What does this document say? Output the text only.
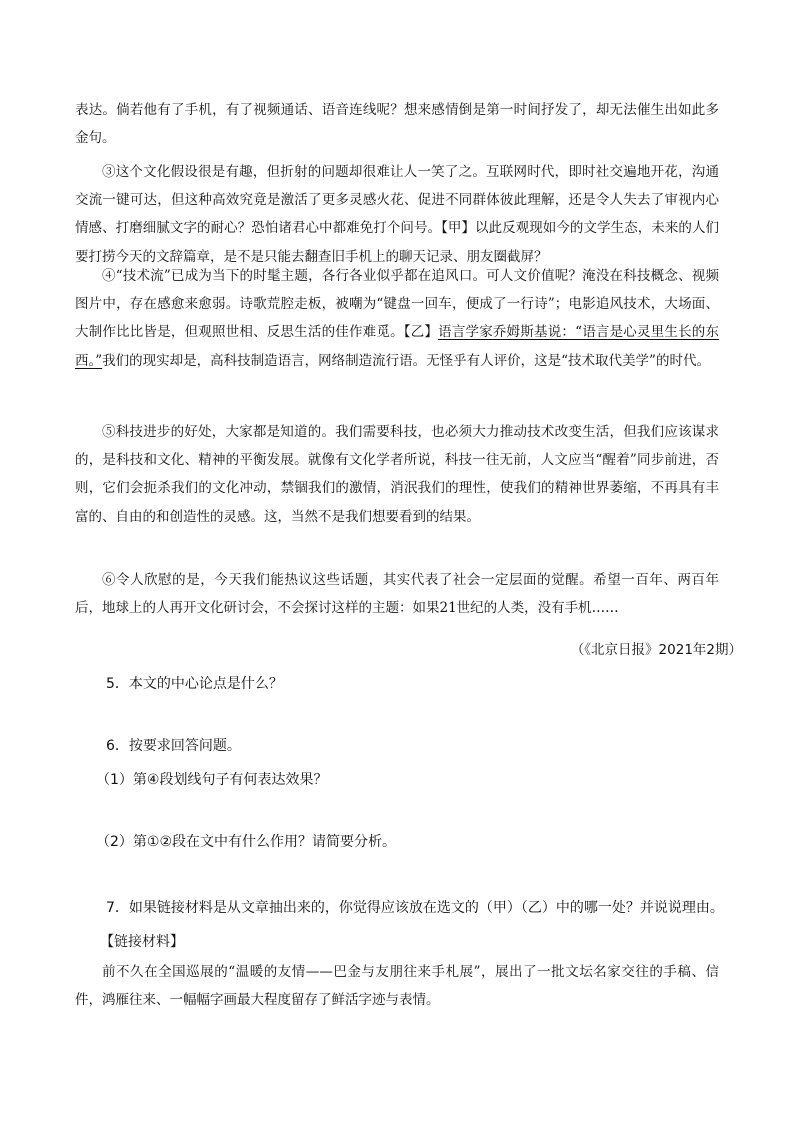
表达。倘若他有了手机，有了视频通话、语音连线呢？想来感情倒是第一时间抒发了，却无法催生出如此多金句。

③这个文化假设很是有趣，但折射的问题却很难让人一笑了之。互联网时代，即时社交遍地开花，沟通交流一键可达，但这种高效究竟是激活了更多灵感火花、促进不同群体彼此理解，还是令人失去了审视内心情感、打磨细腻文字的耐心？恐怕诸君心中都难免打个问号。【甲】以此反观现如今的文学生态，未来的人们要打捞今天的文辞篇章，是不是只能去翻查旧手机上的聊天记录、朋友圈截屏？

④“技术流”已成为当下的时髦主题，各行各业似乎都在追风口。可人文价值呢？淹没在科技概念、视频图片中，存在感愈来愈弱。诗歌荒腔走板，被嘲为“键盘一回车，便成了一行诗”；电影追风技术，大场面、大制作比比皆是，但观照世相、反思生活的佳作难觅。【乙】语言学家乔姆斯基说：“语言是心灵里生长的东西。”我们的现实却是，高科技制造语言，网络制造流行语。无怪乎有人评价，这是“技术取代美学”的时代。

⑤科技进步的好处，大家都是知道的。我们需要科技，也必须大力推动技术改变生活，但我们应该谋求的，是科技和文化、精神的平衡发展。就像有文化学者所说，科技一往无前，人文应当“醒着”同步前进，否则，它们会扼杀我们的文化冲动，禁锢我们的激情，消泯我们的理性，使我们的精神世界萎缩，不再具有丰富的、自由的和创造性的灵感。这，当然不是我们想要看到的结果。

⑥令人欣慰的是，今天我们能热议这些话题，其实代表了社会一定层面的觉醒。希望一百年、两百年后，地球上的人再开文化研讨会，不会探讨这样的主题：如果21世纪的人类，没有手机……

（《北京日报》2021年2期）

5．本文的中心论点是什么？

6．按要求回答问题。

（1）第④段划线句子有何表达效果？

（2）第①②段在文中有什么作用？请简要分析。

7．如果链接材料是从文章抽出来的，你觉得应该放在选文的（甲）（乙）中的哪一处？并说说理由。

【链接材料】

前不久在全国巡展的“温暖的友情——巴金与友朋往来手札展”，展出了一批文坛名家交往的手稿、信件，鸿雁往来、一幅幅字画最大程度留存了鲜活字迹与表情。
